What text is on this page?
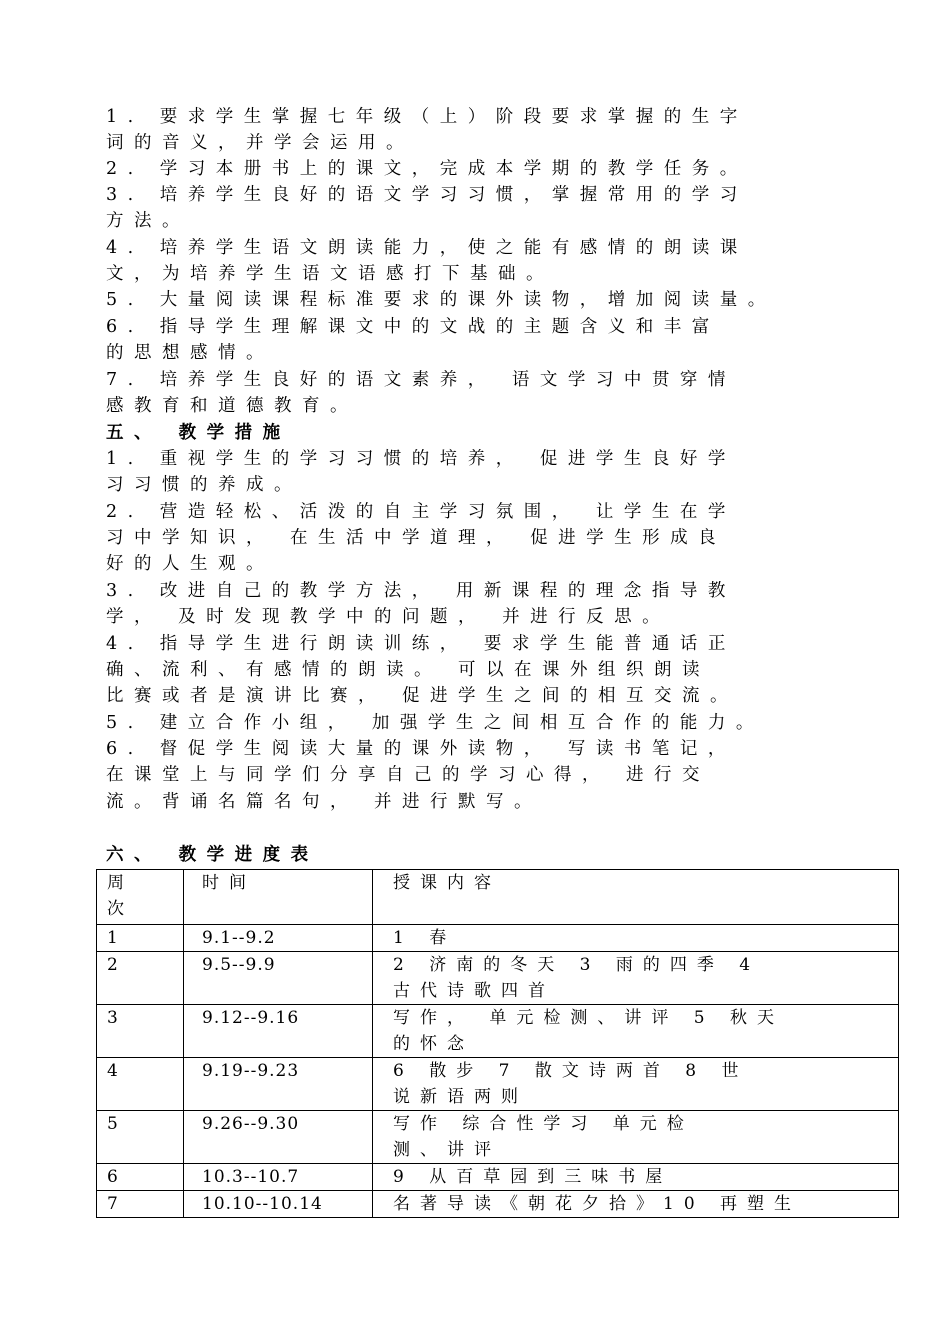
1. 要求学生掌握七年级（上）阶段要求掌握的生字
词的音义，并学会运用。
2. 学习本册书上的课文，完成本学期的教学任务。
3. 培养学生良好的语文学习习惯，掌握常用的学习
方法。
4. 培养学生语文朗读能力，使之能有感情的朗读课
文，为培养学生语文语感打下基础。
5. 大量阅读课程标准要求的课外读物，增加阅读量。
6. 指导学生理解课文中的文战的主题含义和丰富
的思想感情。
7. 培养学生良好的语文素养， 语文学习中贯穿情
感教育和道德教育。
五、 教学措施
1. 重视学生的学习习惯的培养， 促进学生良好学
习习惯的养成。
2. 营造轻松、活泼的自主学习氛围， 让学生在学
习中学知识， 在生活中学道理， 促进学生形成良
好的人生观。
3. 改进自己的教学方法， 用新课程的理念指导教
学， 及时发现教学中的问题， 并进行反思。
4. 指导学生进行朗读训练， 要求学生能普通话正
确、流利、有感情的朗读。 可以在课外组织朗读
比赛或者是演讲比赛， 促进学生之间的相互交流。
5. 建立合作小组， 加强学生之间相互合作的能力。
6. 督促学生阅读大量的课外读物， 写读书笔记，
在课堂上与同学们分享自己的学习心得， 进行交
流。背诵名篇名句， 并进行默写。
六、 教学进度表
周
次	时间	授课内容

1	9.1--9.2	1 春

2	9.5--9.9	2 济南的冬天 3 雨的四季 4
古代诗歌四首

3	9.12--9.16	写作， 单元检测、讲评 5 秋天
的怀念

4	9.19--9.23	6 散步 7 散文诗两首 8 世
说新语两则

5	9.26--9.30	写作 综合性学习 单元检
测、讲评

6	10.3--10.7	9 从百草园到三味书屋

7	10.10--10.14	名著导读《朝花夕拾》10 再塑生
